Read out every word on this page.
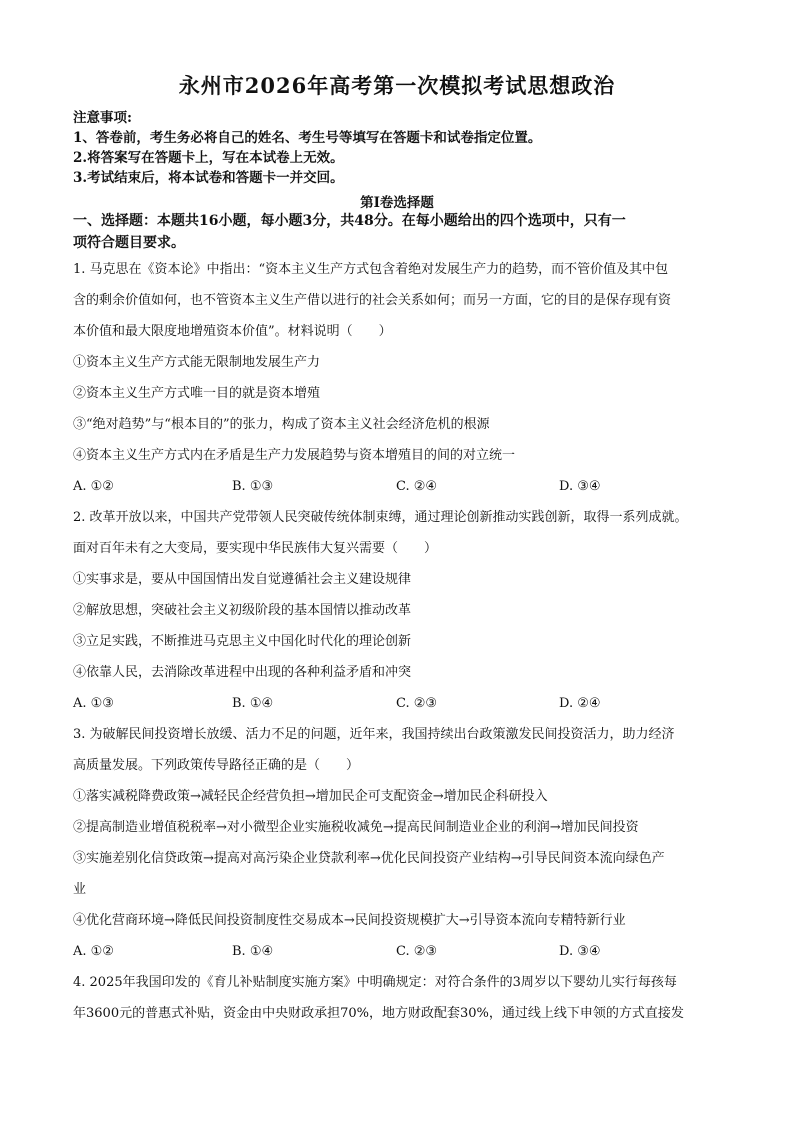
永州市2026年高考第一次模拟考试思想政治
注意事项:
1、答卷前，考生务必将自己的姓名、考生号等填写在答题卡和试卷指定位置。
2.将答案写在答题卡上，写在本试卷上无效。
3.考试结束后，将本试卷和答题卡一并交回。
第Ⅰ卷选择题
一、选择题：本题共16小题，每小题3分，共48分。在每小题给出的四个选项中，只有一
项符合题目要求。
1. 马克思在《资本论》中指出：“资本主义生产方式包含着绝对发展生产力的趋势，而不管价值及其中包
含的剩余价值如何，也不管资本主义生产借以进行的社会关系如何；而另一方面，它的目的是保存现有资
本价值和最大限度地增殖资本价值”。材料说明（　　）
①资本主义生产方式能无限制地发展生产力
②资本主义生产方式唯一目的就是资本增殖
③“绝对趋势”与“根本目的”的张力，构成了资本主义社会经济危机的根源
④资本主义生产方式内在矛盾是生产力发展趋势与资本增殖目的间的对立统一
A. ①②	B. ①③	C. ②④	D. ③④
2. 改革开放以来，中国共产党带领人民突破传统体制束缚，通过理论创新推动实践创新，取得一系列成就。
面对百年未有之大变局，要实现中华民族伟大复兴需要（　　）
①实事求是，要从中国国情出发自觉遵循社会主义建设规律
②解放思想，突破社会主义初级阶段的基本国情以推动改革
③立足实践，不断推进马克思主义中国化时代化的理论创新
④依靠人民，去消除改革进程中出现的各种利益矛盾和冲突
A. ①③	B. ①④	C. ②③	D. ②④
3. 为破解民间投资增长放缓、活力不足的问题，近年来，我国持续出台政策激发民间投资活力，助力经济
高质量发展。下列政策传导路径正确的是（　　）
①落实减税降费政策→减轻民企经营负担→增加民企可支配资金→增加民企科研投入
②提高制造业增值税税率→对小微型企业实施税收减免→提高民间制造业企业的利润→增加民间投资
③实施差别化信贷政策→提高对高污染企业贷款利率→优化民间投资产业结构→引导民间资本流向绿色产
业
④优化营商环境→降低民间投资制度性交易成本→民间投资规模扩大→引导资本流向专精特新行业
A. ①②	B. ①④	C. ②③	D. ③④
4. 2025年我国印发的《育儿补贴制度实施方案》中明确规定：对符合条件的3周岁以下婴幼儿实行每孩每
年3600元的普惠式补贴，资金由中央财政承担70%，地方财政配套30%，通过线上线下申领的方式直接发
